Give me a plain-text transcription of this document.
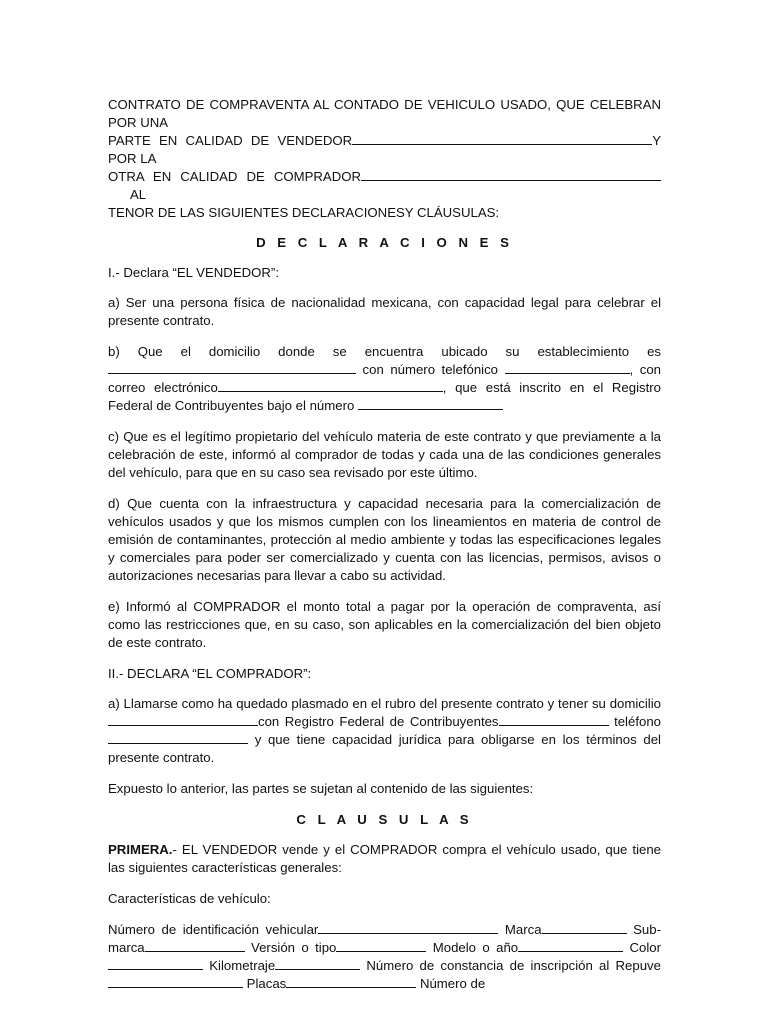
CONTRATO DE COMPRAVENTA AL CONTADO DE VEHICULO USADO, QUE CELEBRAN POR UNA
PARTE EN CALIDAD DE VENDEDOR	Y POR LA
OTRA EN CALIDAD DE COMPRADOR      AL
TENOR DE LAS SIGUIENTES DECLARACIONESY CLÁUSULAS:

D E C L A R A C I O N E S

I.- Declara “EL VENDEDOR”:

a) Ser una persona física de nacionalidad mexicana, con capacidad legal para celebrar el presente contrato.

b) Que el domicilio donde se encuentra ubicado su establecimiento es con número telefónico	, con correo electrónico	, que está inscrito en el Registro Federal de Contribuyentes bajo el número

c) Que es el legítimo propietario del vehículo materia de este contrato y que previamente a la celebración de este, informó al comprador de todas y cada una de las condiciones generales del vehículo, para que en su caso sea revisado por este último.

d) Que cuenta con la infraestructura y capacidad necesaria para la comercialización de vehículos usados y que los mismos cumplen con los lineamientos en materia de control de emisión de contaminantes, protección al medio ambiente y todas las especificaciones legales y comerciales para poder ser comercializado y cuenta con las licencias, permisos, avisos o autorizaciones necesarias para llevar a cabo su actividad.

e) Informó al COMPRADOR el monto total a pagar por la operación de compraventa, así como las restricciones que, en su caso, son aplicables en la comercialización del bien objeto de este contrato.

II.- DECLARA “EL COMPRADOR”:

a) Llamarse como ha quedado plasmado en el rubro del presente contrato y tener su domiciliocon Registro Federal de Contribuyentes	teléfono y que tiene capacidad jurídica para obligarse en los términos del presente contrato.

Expuesto lo anterior, las partes se sujetan al contenido de las siguientes:

C L A U S U L A S

PRIMERA.- EL VENDEDOR vende y el COMPRADOR compra el vehículo usado, que tiene las siguientes características generales:

Características de vehículo:

Número de identificación vehicular	Marca	Sub-marca	Versión o tipo	Modelo o año	Color Kilometraje	Número de constancia de inscripción al Repuve Placas	Número de
